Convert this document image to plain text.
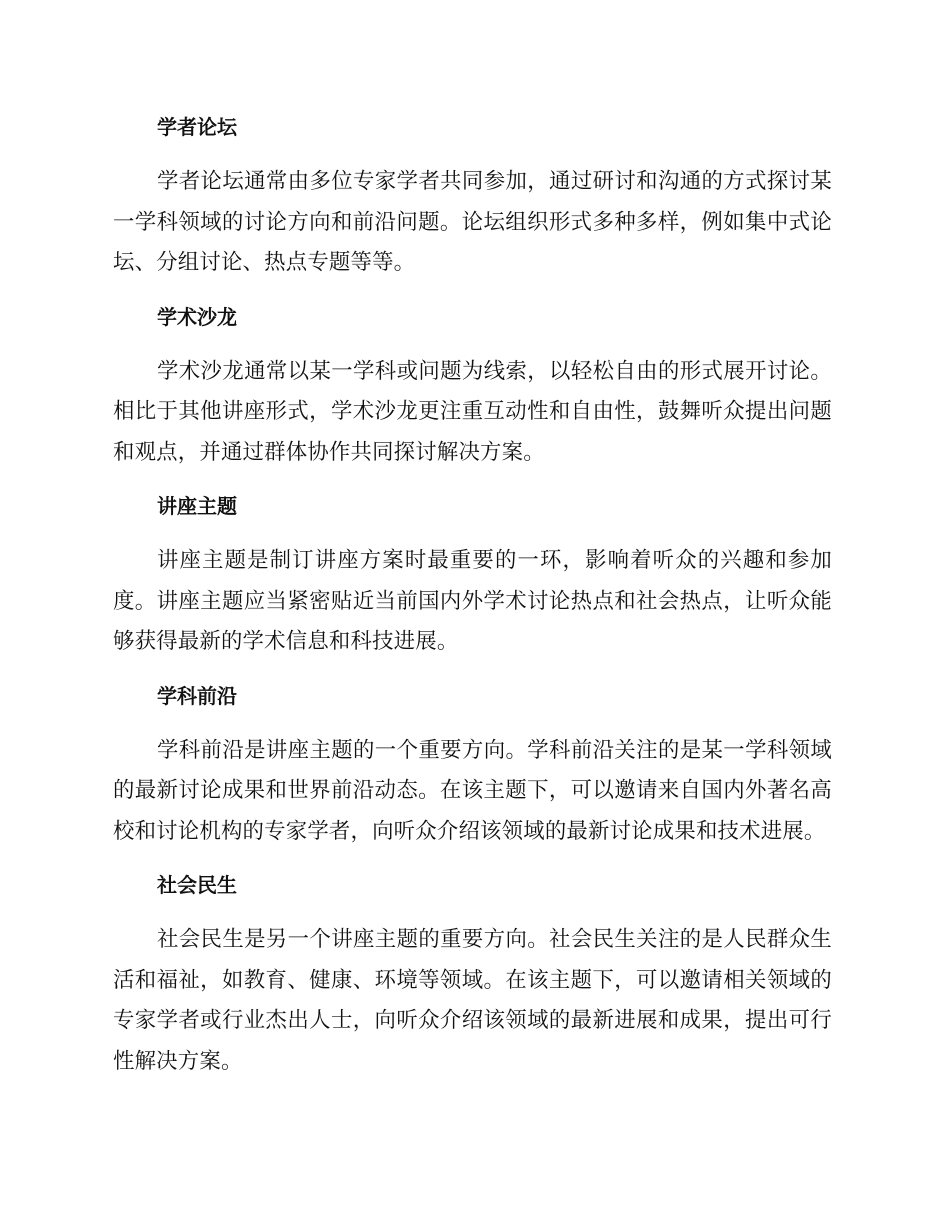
学者论坛

学者论坛通常由多位专家学者共同参加，通过研讨和沟通的方式探讨某一学科领域的讨论方向和前沿问题。论坛组织形式多种多样，例如集中式论坛、分组讨论、热点专题等等。

学术沙龙

学术沙龙通常以某一学科或问题为线索，以轻松自由的形式展开讨论。相比于其他讲座形式，学术沙龙更注重互动性和自由性，鼓舞听众提出问题和观点，并通过群体协作共同探讨解决方案。

讲座主题

讲座主题是制订讲座方案时最重要的一环，影响着听众的兴趣和参加度。讲座主题应当紧密贴近当前国内外学术讨论热点和社会热点，让听众能够获得最新的学术信息和科技进展。

学科前沿

学科前沿是讲座主题的一个重要方向。学科前沿关注的是某一学科领域的最新讨论成果和世界前沿动态。在该主题下，可以邀请来自国内外著名高校和讨论机构的专家学者，向听众介绍该领域的最新讨论成果和技术进展。

社会民生

社会民生是另一个讲座主题的重要方向。社会民生关注的是人民群众生活和福祉，如教育、健康、环境等领域。在该主题下，可以邀请相关领域的专家学者或行业杰出人士，向听众介绍该领域的最新进展和成果，提出可行性解决方案。
